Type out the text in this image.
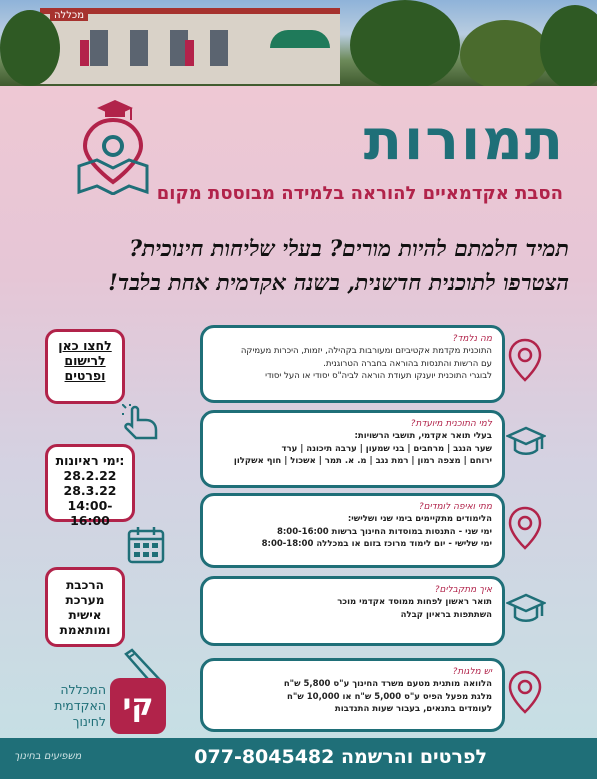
מכללה
תמורות
הסבת אקדמאיים להוראה בלמידה מבוססת מקום
תמיד חלמתם להיות מורים? בעלי שליחות חינוכית?
הצטרפו לתוכנית חדשנית, בשנה אקדמית אחת בלבד!
לחצו כאן
לרישום
ופרטים
ימי ראיונות:
28.2.22
28.3.22
14:00-16:00
הרכבת
מערכת
אישית
ומותאמת
מה נלמד?
התוכנית מקדמת אקטיביזם ומעורבות בקהילה, יזמות, היכרות מעמיקה
עם הרשות והתנסות בהוראה בחברה הטרוגנית.
לבוגרי התוכנית יוענקו תעודת הוראה לביה"ס יסודי או העל יסודי
למי התוכנית מיועדת?
בעלי תואר אקדמי, תושבי הרשויות:
שער הנגב | מרחבים | בני שמעון | ערבה תיכונה | ערד
ירוחם | מצפה רמון | רמת נגב | מ. א. תמר | אשכול | חוף אשקלון
מתי ואיפה לומדים?
הלימודים מתקיימים בימי שני ושלישי:
ימי שני - התנסות במוסדות החינוך ברשות 8:00-16:00
ימי שלישי - יום לימוד מרוכז בזום או במכללה 8:00-18:00
איך מתקבלים?
תואר ראשון לפחות ממוסד אקדמי מוכר
השתתפות בראיון קבלה
יש מלגות?
הלוואה מותנית מטעם משרד החינוך ע"ס 5,800 ש"ח
מלגת מפעל הפיס ע"ס 5,000 ש"ח או 10,000 ש"ח
לעומדים בתנאים, בעבור שעות התנדבות
קי
המכללה
האקדמית
לחינוך
משפיעים בחינוך	לפרטים והרשמה 077-8045482
